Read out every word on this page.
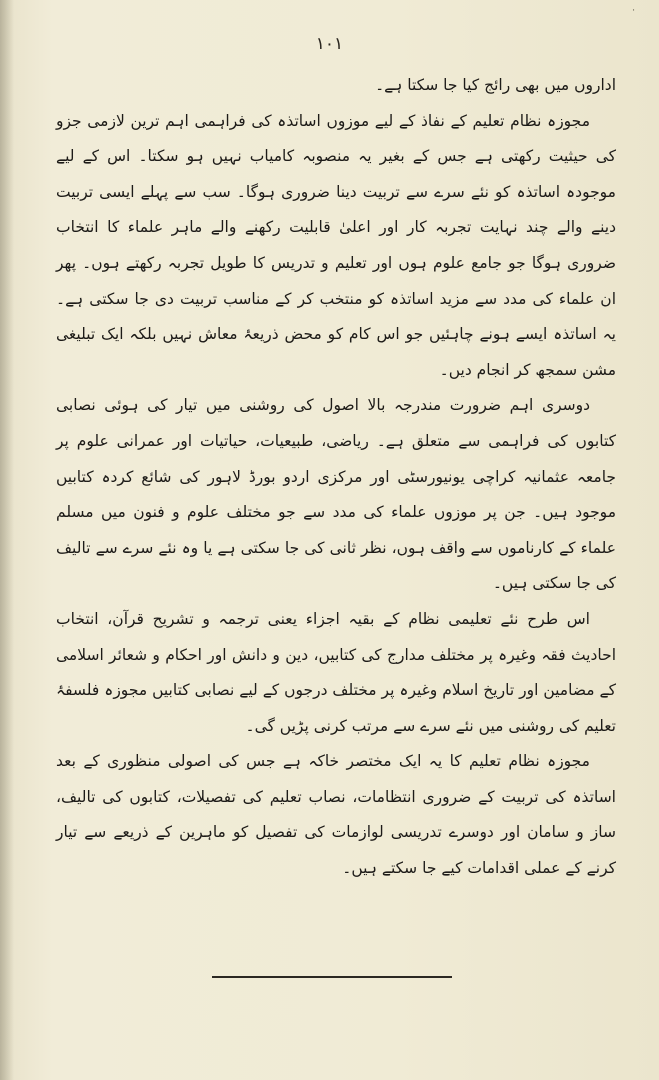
·
۱۰۱

اداروں میں بھی رائج کیا جا سکتا ہے۔

مجوزہ نظام تعلیم کے نفاذ کے لیے موزوں اساتذہ کی فراہمی اہم ترین لازمی جزو کی حیثیت رکھتی ہے جس کے بغیر یہ منصوبہ کامیاب نہیں ہو سکتا۔ اس کے لیے موجودہ اساتذہ کو نئے سرے سے تربیت دینا ضروری ہوگا۔ سب سے پہلے ایسی تربیت دینے والے چند نہایت تجربہ کار اور اعلیٰ قابلیت رکھنے والے ماہر علماء کا انتخاب ضروری ہوگا جو جامع علوم ہوں اور تعلیم و تدریس کا طویل تجربہ رکھتے ہوں۔ پھر ان علماء کی مدد سے مزید اساتذہ کو منتخب کر کے مناسب تربیت دی جا سکتی ہے۔ یہ اساتذہ ایسے ہونے چاہئیں جو اس کام کو محض ذریعۂ معاش نہیں بلکہ ایک تبلیغی مشن سمجھ کر انجام دیں۔

دوسری اہم ضرورت مندرجہ بالا اصول کی روشنی میں تیار کی ہوئی نصابی کتابوں کی فراہمی سے متعلق ہے۔ ریاضی، طبیعیات، حیاتیات اور عمرانی علوم پر جامعہ عثمانیہ کراچی یونیورسٹی اور مرکزی اردو بورڈ لاہور کی شائع کردہ کتابیں موجود ہیں۔ جن پر موزوں علماء کی مدد سے جو مختلف علوم و فنون میں مسلم علماء کے کارناموں سے واقف ہوں، نظر ثانی کی جا سکتی ہے یا وہ نئے سرے سے تالیف کی جا سکتی ہیں۔

اس طرح نئے تعلیمی نظام کے بقیہ اجزاء یعنی ترجمہ و تشریح قرآن، انتخاب احادیث فقہ وغیرہ پر مختلف مدارج کی کتابیں، دین و دانش اور احکام و شعائر اسلامی کے مضامین اور تاریخ اسلام وغیرہ پر مختلف درجوں کے لیے نصابی کتابیں مجوزہ فلسفۂ تعلیم کی روشنی میں نئے سرے سے مرتب کرنی پڑیں گی۔

مجوزہ نظام تعلیم کا یہ ایک مختصر خاکہ ہے جس کی اصولی منظوری کے بعد اساتذہ کی تربیت کے ضروری انتظامات، نصاب تعلیم کی تفصیلات، کتابوں کی تالیف، ساز و سامان اور دوسرے تدریسی لوازمات کی تفصیل کو ماہرین کے ذریعے سے تیار کرنے کے عملی اقدامات کیے جا سکتے ہیں۔
